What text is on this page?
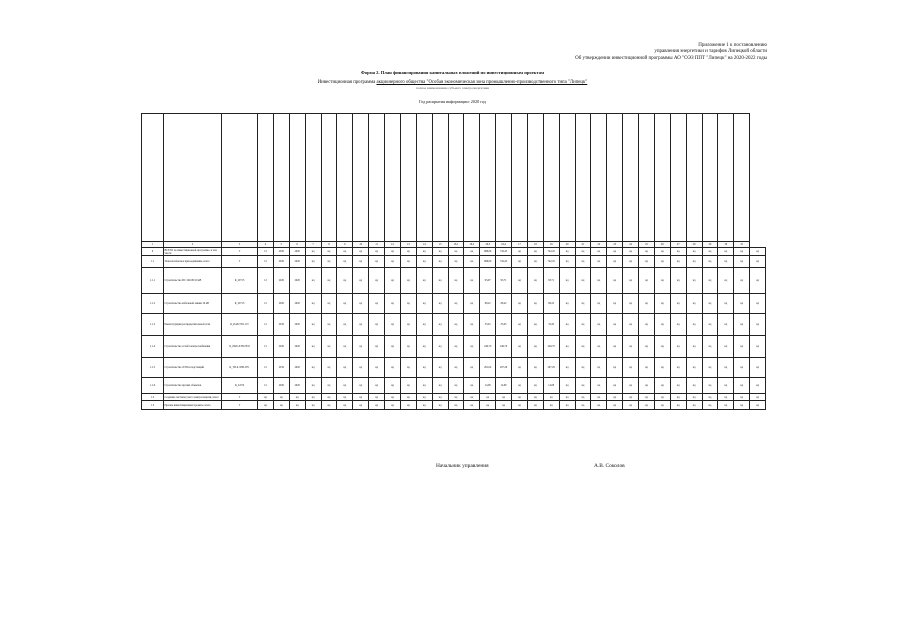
Приложение 1 к постановлению
управления энергетики и тарифов Липецкой области
Об утверждении инвестиционной программы АО "ОЭЗ ППТ "Липецк" на 2020-2022 годы
Форма 2. План финансирования капитальных вложений по инвестиционным проектам
Инвестиционная программа акционерного общества "Особая экономическая зона промышленно-производственного типа "Липецк"
полное наименование субъекта электроэнергетики
Год раскрытия информации: 2020 год

1	2	3	4	5	6	7	8	9	10	11	12	13	14	15	16.1	16.2	16.3	16.4	17	18	19	20	21	22	23	24	25	26	27	28	29	30	31	
0	ВСЕГО по инвестиционной программе, в том числе:	Г	12	2020	2020	нд	нд	нд	нд	нд	нд	нд	нд	нд	нд	нд	698,09	742,45	нд	нд	742,45	нд	нд	нд	нд	нд	нд	нд	нд	нд	нд	нд	нд	нд
1.1	Технологическое присоединение, всего	Г	12	2020	2020	нд	нд	нд	нд	нд	нд	нд	нд	нд	нд	нд	698,09	742,45	нд	нд	742,45	нд	нд	нд	нд	нд	нд	нд	нд	нд	нд	нд	нд	нд
1.1.1	Строительство ПС 220/20/10 кВ	К_20713	12	2020	2020	нд	нд	нд	нд	нд	нд	нд	нд	нд	нд	нд	93,97	93,71	нд	нд	93,71	нд	нд	нд	нд	нд	нд	нд	нд	нд	нд	нд	нд	нд
1.1.2	Строительство кабельной линии 10 кВ	К_20713	12	2020	2020	нд	нд	нд	нд	нд	нд	нд	нд	нд	нд	нд	68,22	68,22	нд	нд	68,22	нд	нд	нд	нд	нд	нд	нд	нд	нд	нд	нд	нд	нд
1.1.3	Реконструкция распределительной сети	К_ПАБ.ТП1.172	12	2019	2020	нд	нд	нд	нд	нд	нд	нд	нд	нд	нд	нд	33,45	33,45	нд	нд	33,45	нд	нд	нд	нд	нд	нд	нд	нд	нд	нд	нд	нд	нд
1.1.4	Строительство сетей электроснабжения	К_0020-ЛЭП-ГЕО	12	2020	2020	нд	нд	нд	нд	нд	нд	нд	нд	нд	нд	нд	249,70	249,70	нд	нд	249,70	нд	нд	нд	нд	нд	нд	нд	нд	нд	нд	нд	нд	нд
1.1.5	Строительство ЛЭП и подстанций	К_ТП-9.ЛЭП-ГЕ1	12	2019	2020	нд	нд	нд	нд	нд	нд	нд	нд	нд	нд	нд	291,04	297,29	нд	нд	297,29	нд	нд	нд	нд	нд	нд	нд	нд	нд	нд	нд	нд	нд
1.1.6	Строительство прочих объектов	К_0-974	12	2020	2020	нд	нд	нд	нд	нд	нд	нд	нд	нд	нд	нд	14,08	14,08	нд	нд	14,08	нд	нд	нд	нд	нд	нд	нд	нд	нд	нд	нд	нд	нд
1.2	Создание системы учета электроэнергии, всего	Г	нд	нд	нд	нд	нд	нд	нд	нд	нд	нд	нд	нд	нд	нд	нд	нд	нд	нд	нд	нд	нд	нд	нд	нд	нд	нд	нд	нд	нд	нд	нд	нд
1.3	Прочие инвестиционные проекты, всего	Г	нд	нд	нд	нд	нд	нд	нд	нд	нд	нд	нд	нд	нд	нд	нд	нд	нд	нд	нд	нд	нд	нд	нд	нд	нд	нд	нд	нд	нд	нд	нд	нд
Начальник управления	А.В. Соколов
